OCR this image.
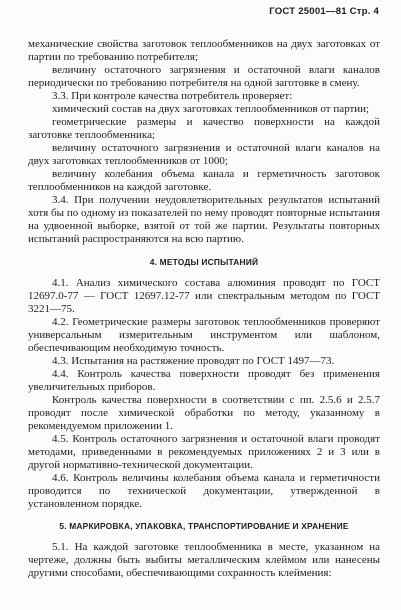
ГОСТ 25001—81 Стр. 4

механические свойства заготовок теплообменников на двух заготовках от партии по требованию потребителя;

величину остаточного загрязнения и остаточной влаги каналов периодически по требованию потребителя на одной заготовке в смену.

3.3. При контроле качества потребитель проверяет:

химический состав на двух заготовках теплообменников от партии;

геометрические размеры и качество поверхности на каждой заготовке теплообменника;

величину остаточного загрязнения и остаточной влаги каналов на двух заготовках теплообменников от 1000;

величину колебания объема канала и герметичность заготовок теплообменников на каждой заготовке.

3.4. При получении неудовлетворительных результатов испытаний хотя бы по одному из показателей по нему проводят повторные испытания на удвоенной выборке, взятой от той же партии. Результаты повторных испытаний распространяются на всю партию.

4. МЕТОДЫ ИСПЫТАНИЙ

4.1. Анализ химического состава алюминия проводят по ГОСТ 12697.0-77 — ГОСТ 12697.12-77 или спектральным методом по ГОСТ 3221—75.

4.2. Геометрические размеры заготовок теплообменников проверяют универсальным измерительным инструментом или шаблоном, обеспечивающим необходимую точность.

4.3. Испытания на растяжение проводят по ГОСТ 1497—73.

4.4. Контроль качества поверхности проводят без применения увеличительных приборов.

Контроль качества поверхности в соответствии с пп. 2.5.6 и 2.5.7 проводят после химической обработки по методу, указанному в рекомендуемом приложении 1.

4.5. Контроль остаточного загрязнения и остаточной влаги проводят методами, приведенными в рекомендуемых приложениях 2 и 3 или в другой нормативно-технической документации.

4.6. Контроль величины колебания объема канала и герметичности проводится по технической документации, утвержденной в установленном порядке.

5. МАРКИРОВКА, УПАКОВКА, ТРАНСПОРТИРОВАНИЕ И ХРАНЕНИЕ

5.1. На каждой заготовке теплообменника в месте, указанном на чертеже, должны быть выбиты металлическим клеймом или нанесены другими способами, обеспечивающими сохранность клеймения:
